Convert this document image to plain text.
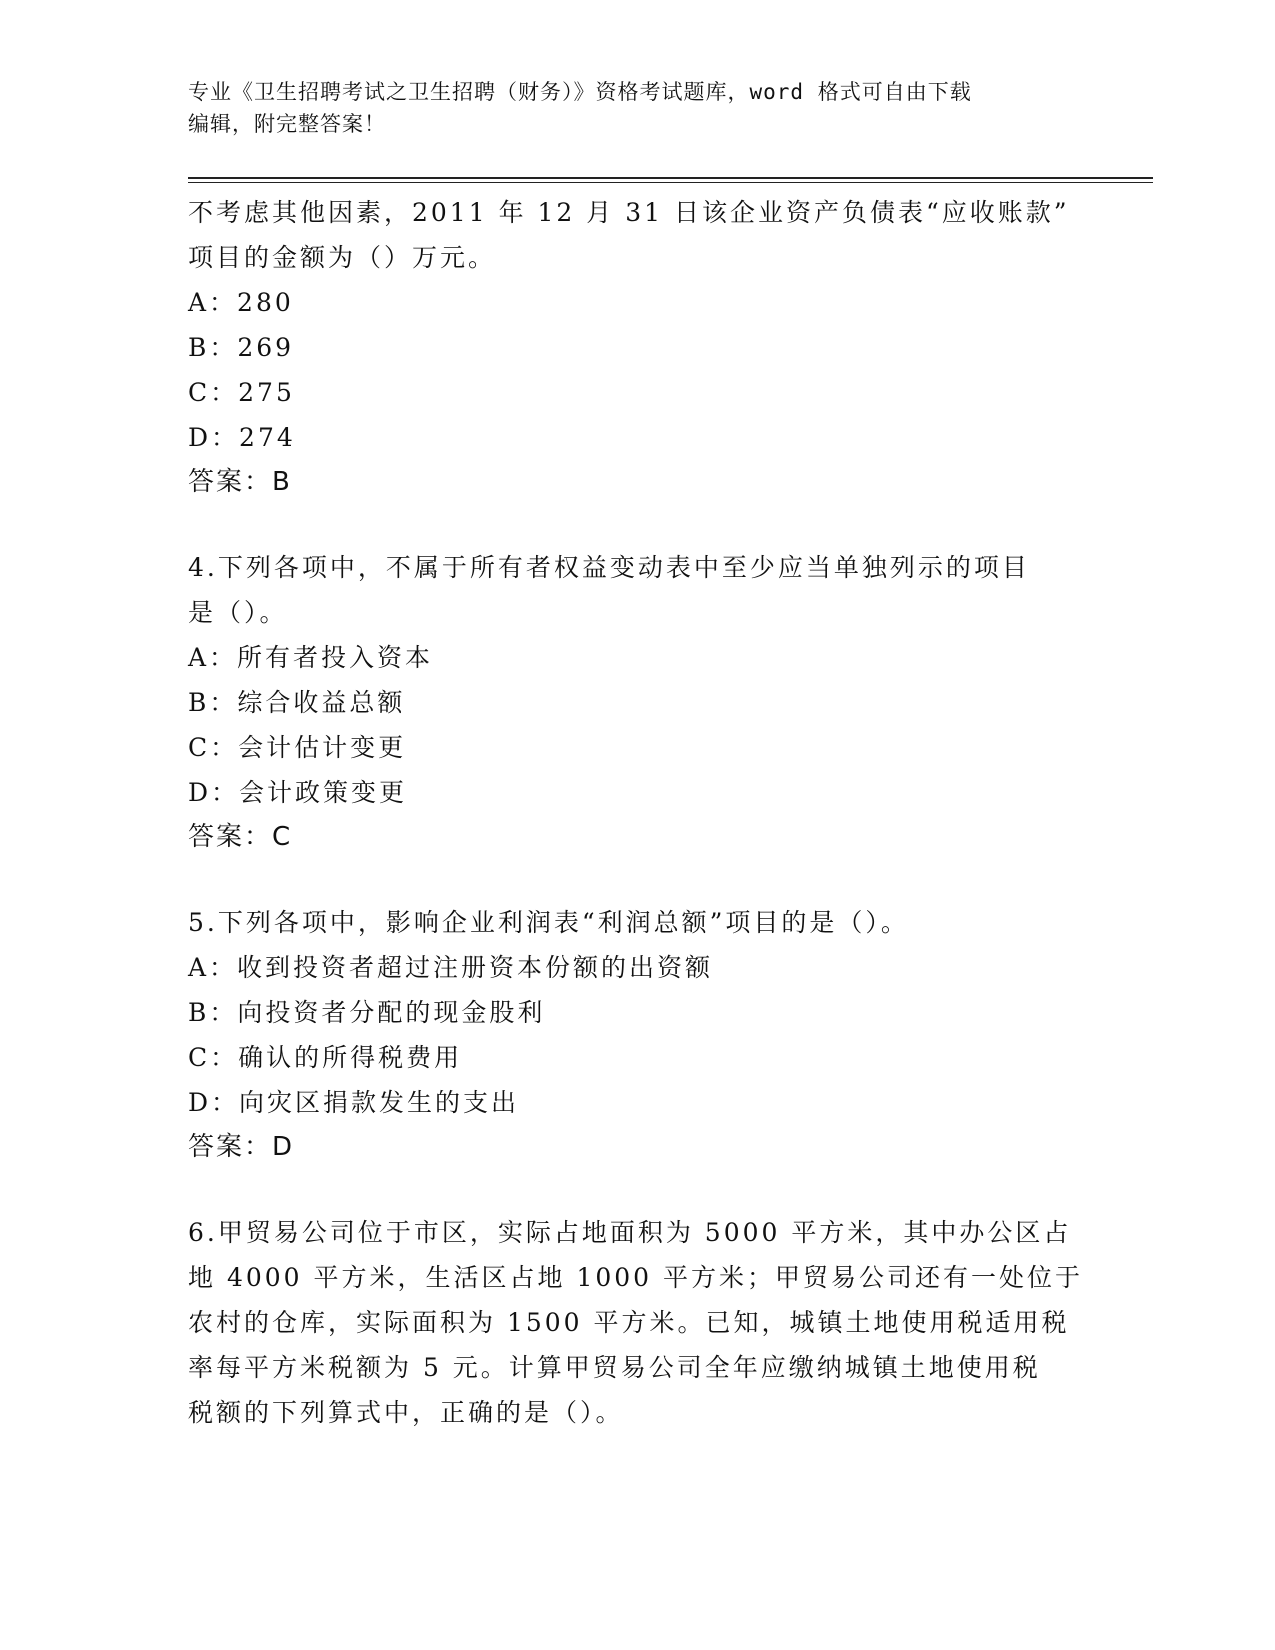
专业《卫生招聘考试之卫生招聘（财务）》资格考试题库，word 格式可自由下载
编辑，附完整答案！
不考虑其他因素，2011 年 12 月 31 日该企业资产负债表“应收账款”
项目的金额为（）万元。
A：280
B：269
C：275
D：274
答案：B
4.下列各项中，不属于所有者权益变动表中至少应当单独列示的项目
是（）。
A：所有者投入资本
B：综合收益总额
C：会计估计变更
D：会计政策变更
答案：C
5.下列各项中，影响企业利润表“利润总额”项目的是（）。
A：收到投资者超过注册资本份额的出资额
B：向投资者分配的现金股利
C：确认的所得税费用
D：向灾区捐款发生的支出
答案：D
6.甲贸易公司位于市区，实际占地面积为 5000 平方米，其中办公区占
地 4000 平方米，生活区占地 1000 平方米；甲贸易公司还有一处位于
农村的仓库，实际面积为 1500 平方米。已知，城镇土地使用税适用税
率每平方米税额为 5 元。计算甲贸易公司全年应缴纳城镇土地使用税
税额的下列算式中，正确的是（）。
